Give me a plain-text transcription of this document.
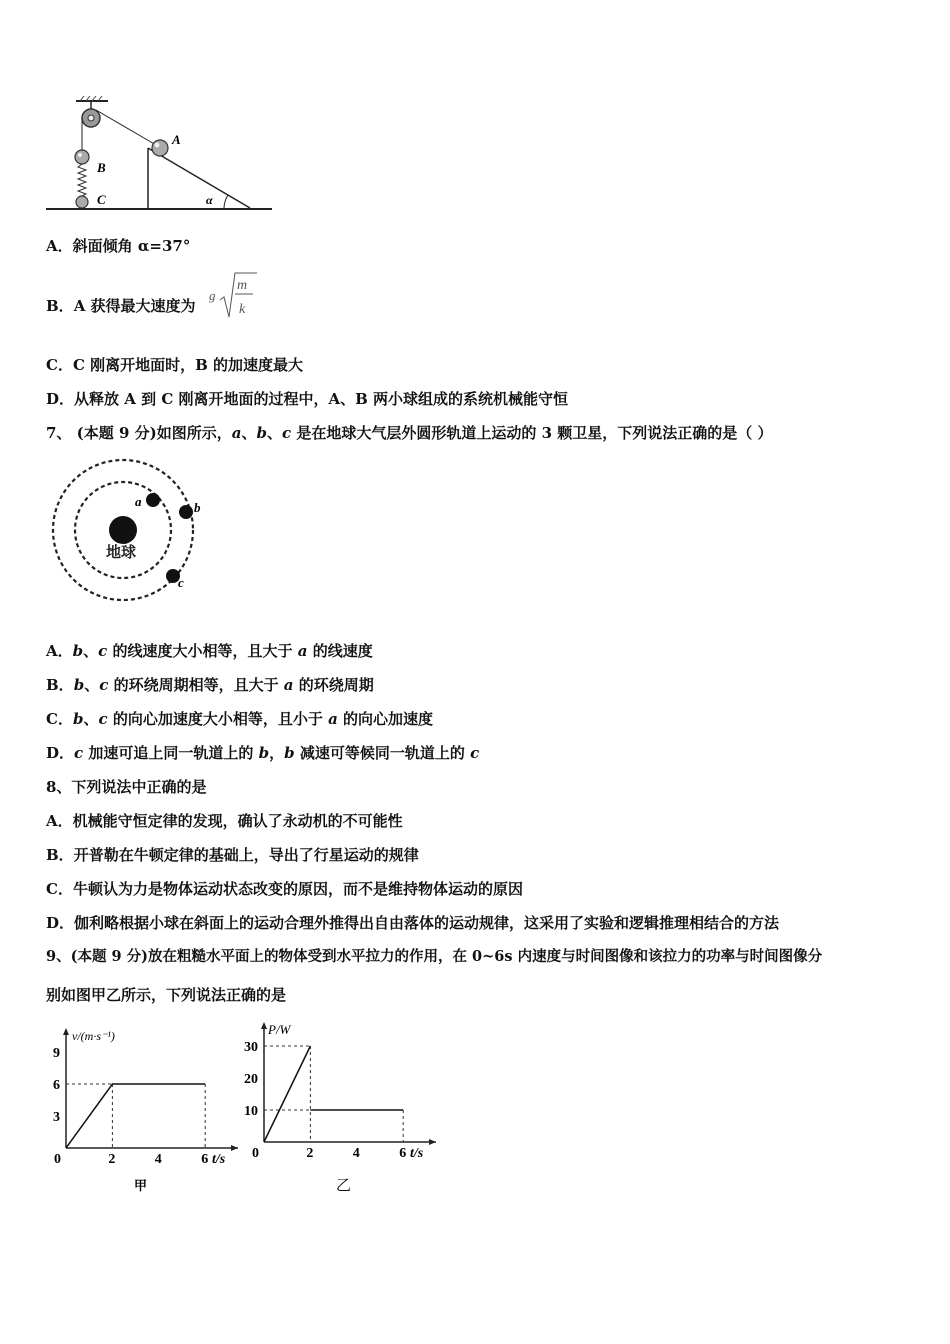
A
B
C	α
A．斜面倾角 α=37°
B．A 获得最大速度为
g
m
k
C．C 刚离开地面时，B 的加速度最大
D．从释放 A 到 C 刚离开地面的过程中，A、B 两小球组成的系统机械能守恒
7、 (本题 9 分)如图所示，a、b、c 是在地球大气层外圆形轨道上运动的 3 颗卫星，下列说法正确的是（ ）
地球
a	b
c
A．b、c 的线速度大小相等，且大于 a 的线速度
B．b、c 的环绕周期相等，且大于 a 的环绕周期
C．b、c 的向心加速度大小相等，且小于 a 的向心加速度
D．c 加速可追上同一轨道上的 b，b 减速可等候同一轨道上的 c
8、下列说法中正确的是
A．机械能守恒定律的发现，确认了永动机的不可能性
B．开普勒在牛顿定律的基础上，导出了行星运动的规律
C．牛顿认为力是物体运动状态改变的原因，而不是维持物体运动的原因
D．伽利略根据小球在斜面上的运动合理外推得出自由落体的运动规律，这采用了实验和逻辑推理相结合的方法
9、(本题 9 分)放在粗糙水平面上的物体受到水平拉力的作用，在 0~6s 内速度与时间图像和该拉力的功率与时间图像分
别如图甲乙所示，下列说法正确的是
v/(m·s⁻¹)
t/s
甲
0	2	4	6
3
6
9
P/W
t/s
乙
0	2	4	6
10
20
30
